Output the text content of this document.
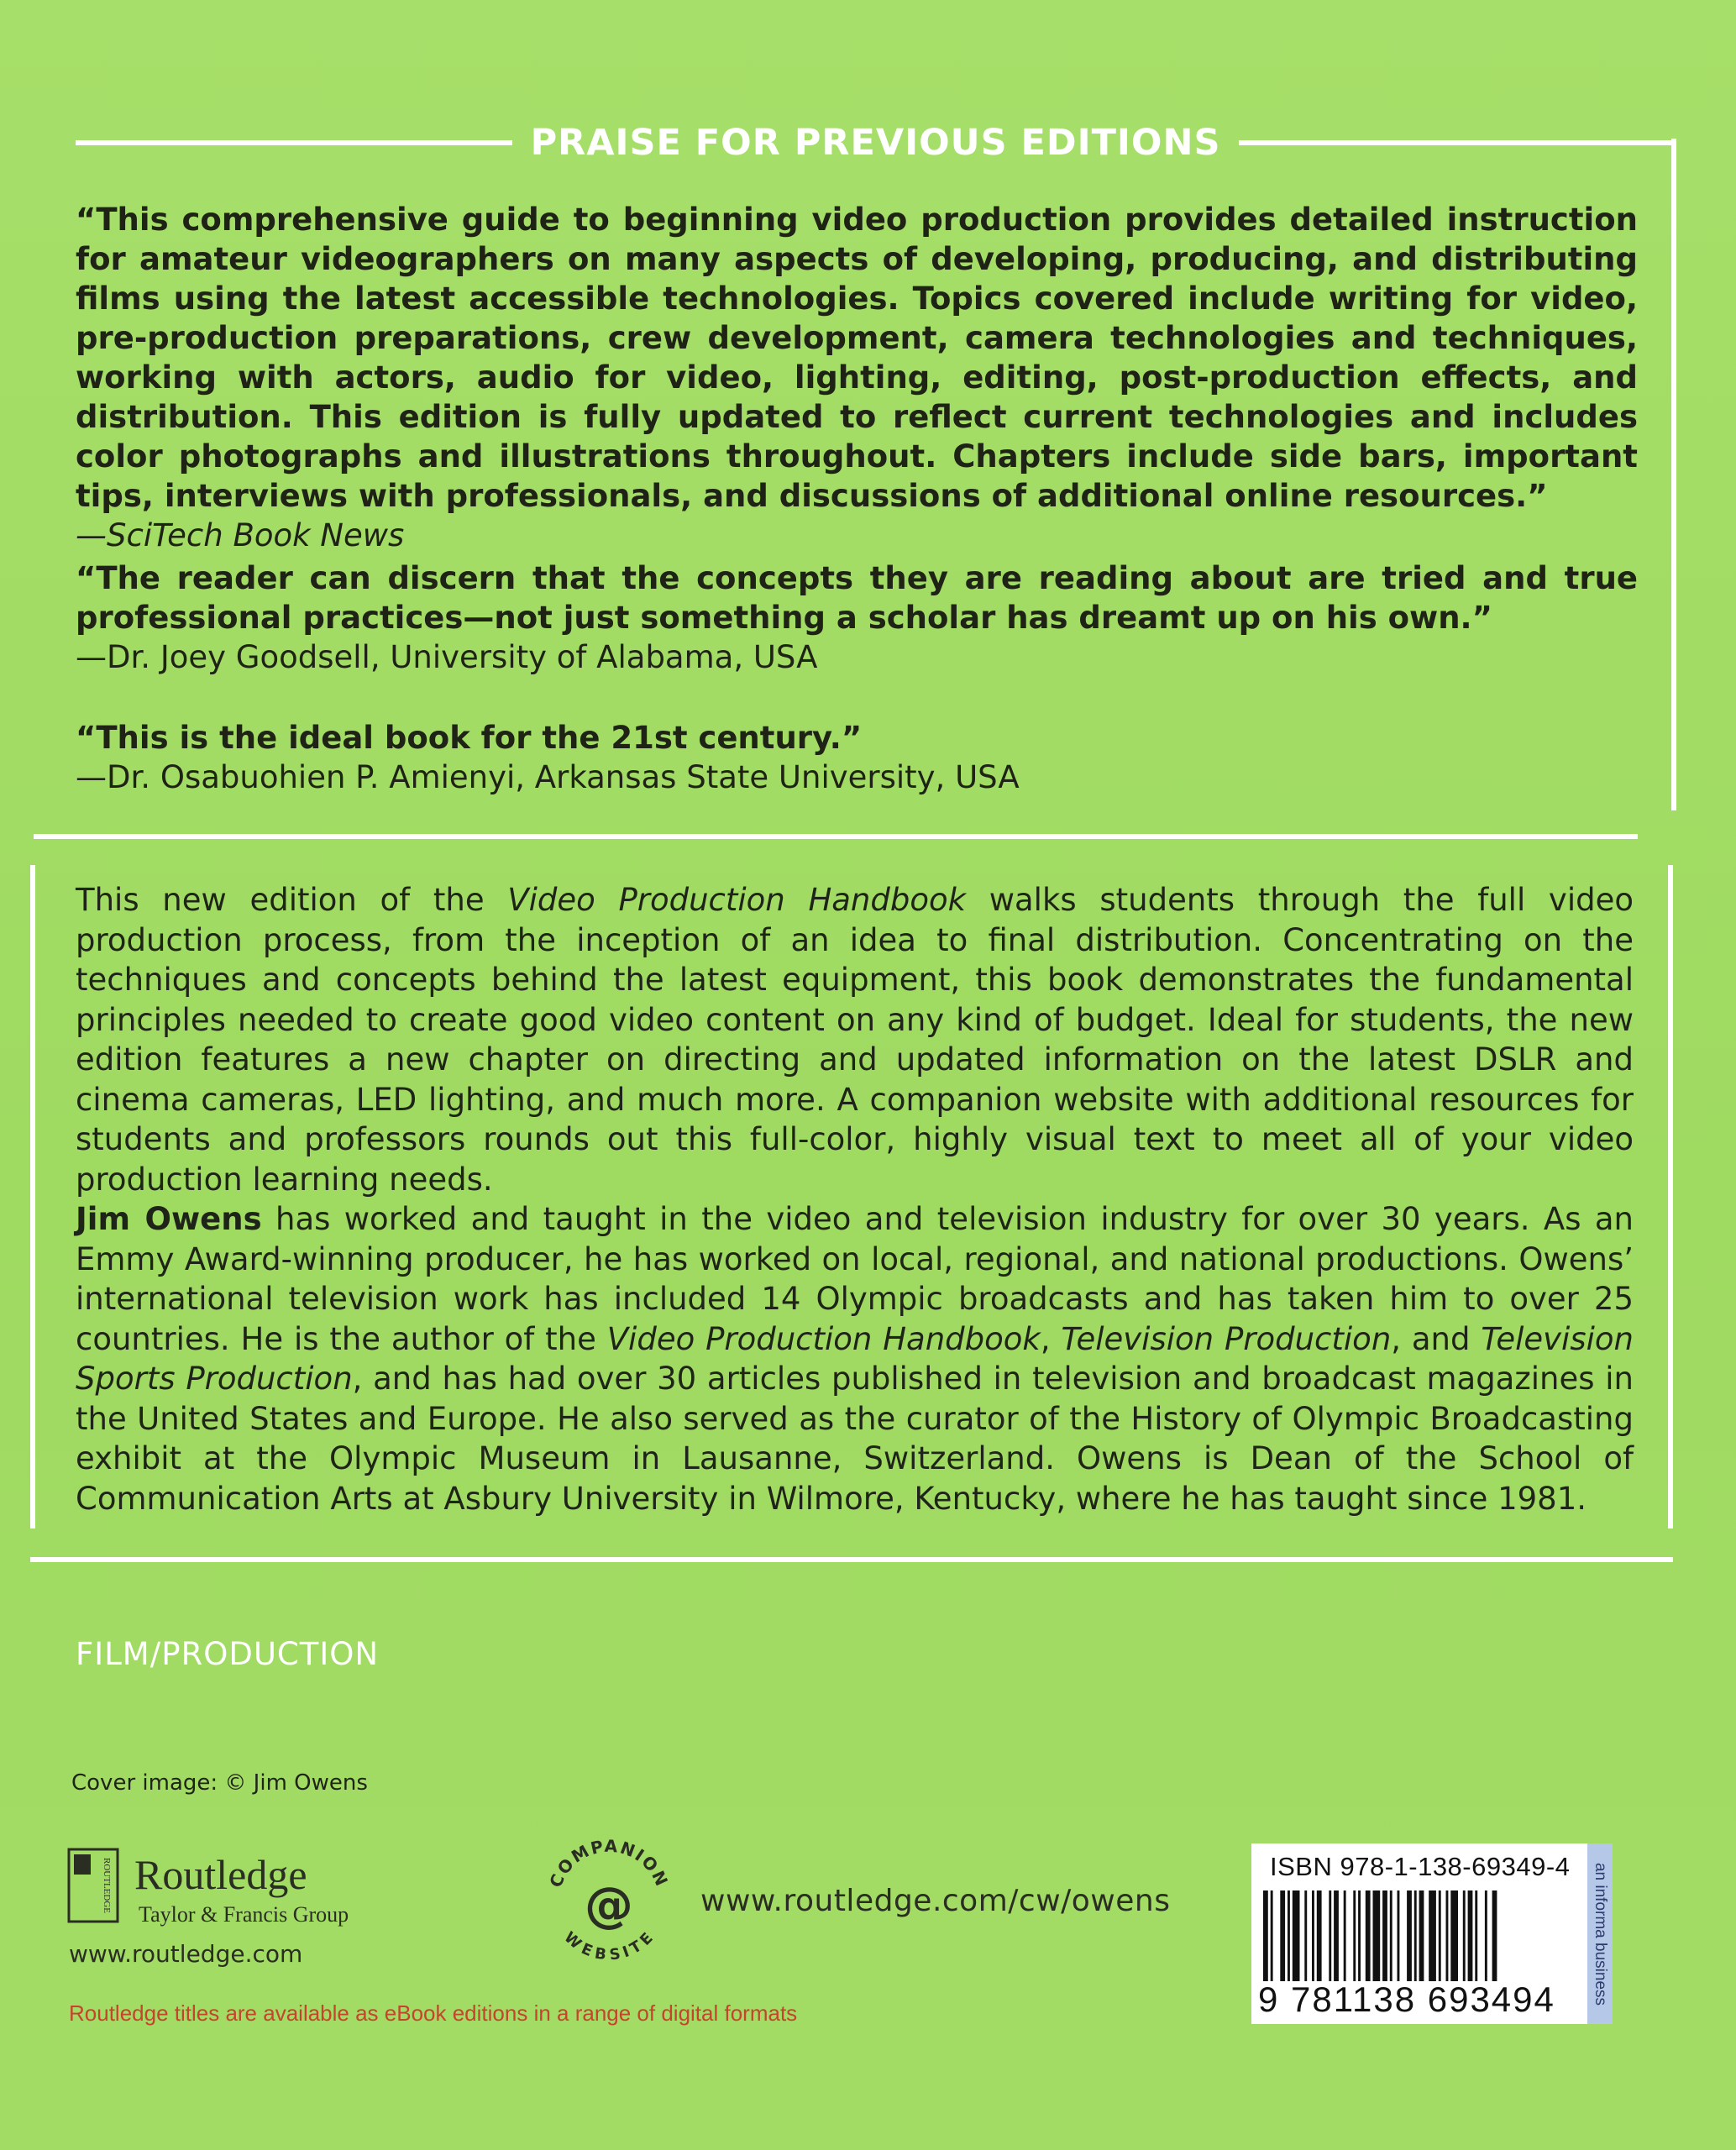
PRAISE FOR PREVIOUS EDITIONS
“This comprehensive guide to beginning video production provides detailed instruction for amateur videographers on many aspects of developing, producing, and distributing films using the latest accessible technologies. Topics covered include writing for video, pre-production preparations, crew development, camera technologies and techniques, working with actors, audio for video, lighting, editing, post-production effects, and distribution. This edition is fully updated to reflect current technologies and includes color photographs and illustrations throughout. Chapters include side bars, important tips, interviews with professionals, and discussions of additional online resources.”
—SciTech Book News
“The reader can discern that the concepts they are reading about are tried and true professional practices—not just something a scholar has dreamt up on his own.”
—Dr. Joey Goodsell, University of Alabama, USA
“This is the ideal book for the 21st century.”
—Dr. Osabuohien P. Amienyi, Arkansas State University, USA
This new edition of the Video Production Handbook walks students through the full video production process, from the inception of an idea to final distribution. Concentrating on the techniques and concepts behind the latest equipment, this book demonstrates the fundamental principles needed to create good video content on any kind of budget. Ideal for students, the new edition features a new chapter on directing and updated information on the latest DSLR and cinema cameras, LED lighting, and much more. A companion website with additional resources for students and professors rounds out this full-color, highly visual text to meet all of your video production learning needs.
Jim Owens has worked and taught in the video and television industry for over 30 years. As an Emmy Award-winning producer, he has worked on local, regional, and national productions. Owens’ international television work has included 14 Olympic broadcasts and has taken him to over 25 countries. He is the author of the Video Production Handbook, Television Production, and Television Sports Production, and has had over 30 articles published in television and broadcast magazines in the United States and Europe. He also served as the curator of the History of Olympic Broadcasting exhibit at the Olympic Museum in Lausanne, Switzerland. Owens is Dean of the School of Communication Arts at Asbury University in Wilmore, Kentucky, where he has taught since 1981.
FILM/PRODUCTION
Cover image: © Jim Owens
ROUTLEDGE Routledge
Taylor & Francis Group
www.routledge.com
COMPANION
WEBSITE
@ www.routledge.com/cw/owens
Routledge titles are available as eBook editions in a range of digital formats
ISBN 978-1-138-69349-4
9 781138 693494 an informa business
